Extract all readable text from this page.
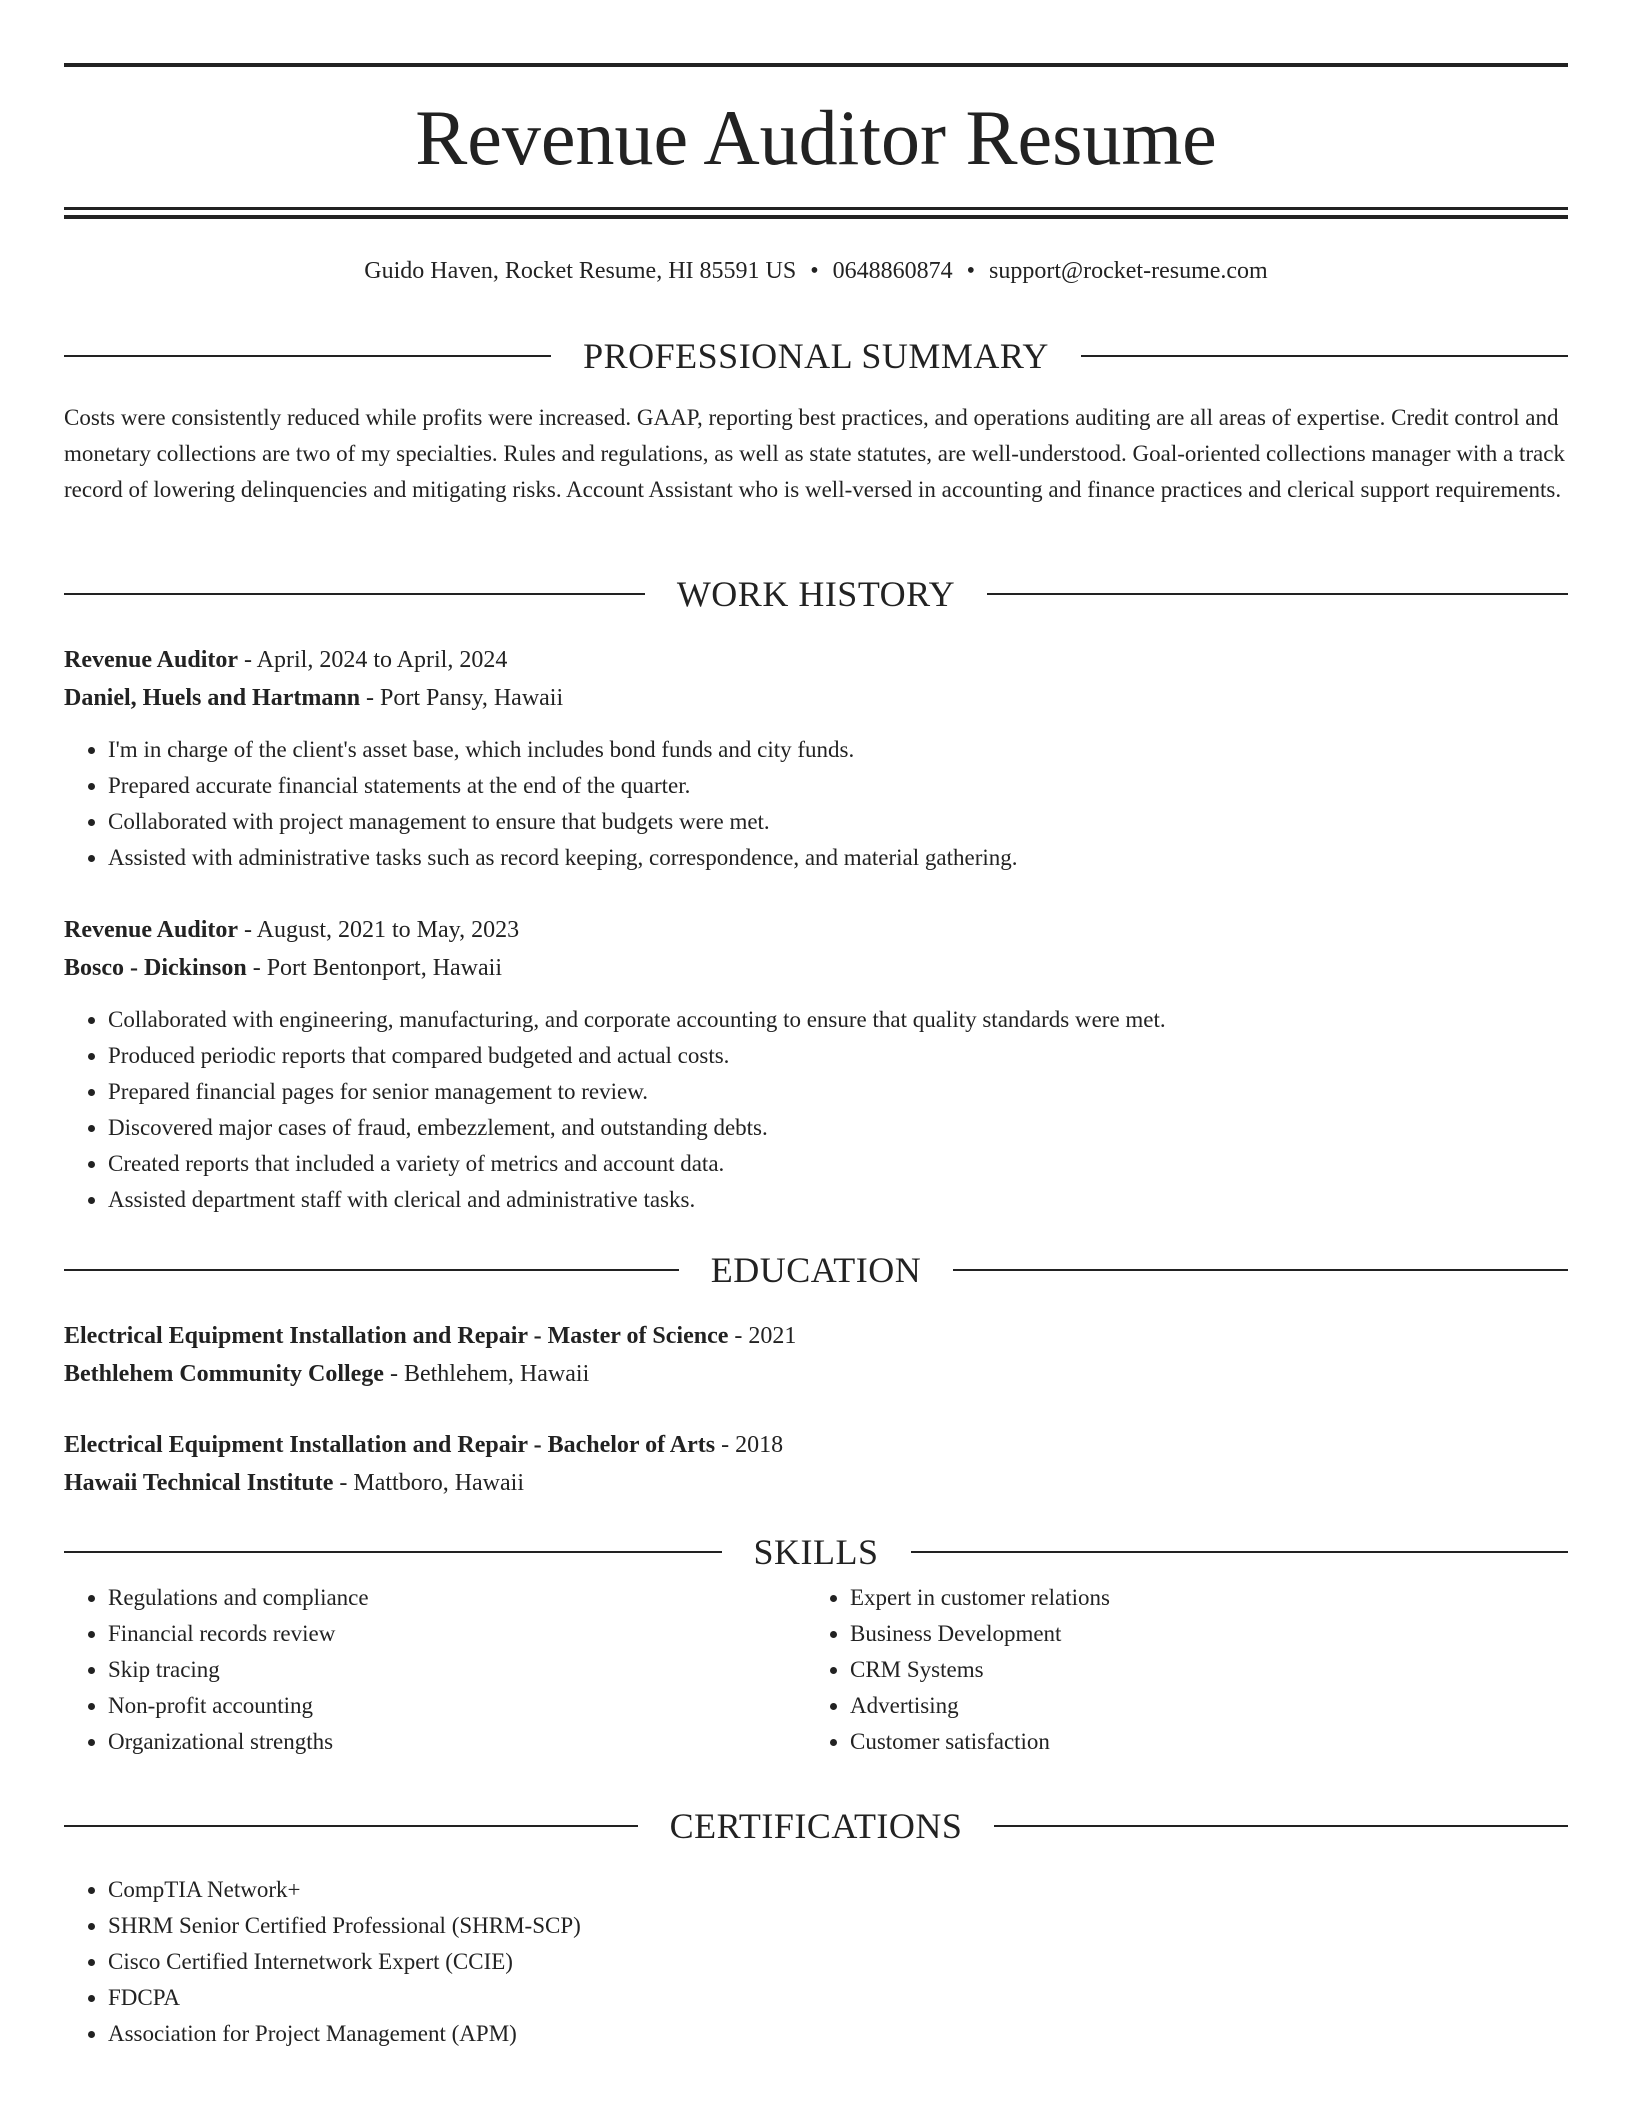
Revenue Auditor Resume
Guido Haven, Rocket Resume, HI 85591 US • 0648860874 • support@rocket-resume.com
PROFESSIONAL SUMMARY

Costs were consistently reduced while profits were increased. GAAP, reporting best practices, and operations auditing are all areas of expertise. Credit control and monetary collections are two of my specialties. Rules and regulations, as well as state statutes, are well-understood. Goal-oriented collections manager with a track record of lowering delinquencies and mitigating risks. Account Assistant who is well-versed in accounting and finance practices and clerical support requirements.

WORK HISTORY
Revenue Auditor - April, 2024 to April, 2024
Daniel, Huels and Hartmann - Port Pansy, Hawaii
• I'm in charge of the client's asset base, which includes bond funds and city funds.
• Prepared accurate financial statements at the end of the quarter.
• Collaborated with project management to ensure that budgets were met.
• Assisted with administrative tasks such as record keeping, correspondence, and material gathering.
Revenue Auditor - August, 2021 to May, 2023
Bosco - Dickinson - Port Bentonport, Hawaii
• Collaborated with engineering, manufacturing, and corporate accounting to ensure that quality standards were met.
• Produced periodic reports that compared budgeted and actual costs.
• Prepared financial pages for senior management to review.
• Discovered major cases of fraud, embezzlement, and outstanding debts.
• Created reports that included a variety of metrics and account data.
• Assisted department staff with clerical and administrative tasks.
EDUCATION
Electrical Equipment Installation and Repair - Master of Science - 2021
Bethlehem Community College - Bethlehem, Hawaii
Electrical Equipment Installation and Repair - Bachelor of Arts - 2018
Hawaii Technical Institute - Mattboro, Hawaii
SKILLS
• Regulations and compliance
• Financial records review
• Skip tracing
• Non-profit accounting
• Organizational strengths
• Expert in customer relations
• Business Development
• CRM Systems
• Advertising
• Customer satisfaction
CERTIFICATIONS
• CompTIA Network+
• SHRM Senior Certified Professional (SHRM-SCP)
• Cisco Certified Internetwork Expert (CCIE)
• FDCPA
• Association for Project Management (APM)
